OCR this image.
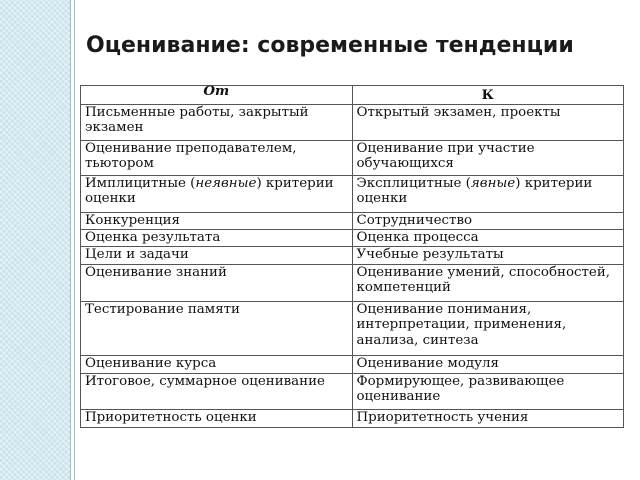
Оценивание: современные тенденции
От	К

Письменные работы, закрытый экзамен	Открытый экзамен, проекты
Оценивание преподавателем, тьютором	Оценивание при участие обучающихся
Имплицитные (неявные) критерии оценки	Эксплицитные (явные) критерии оценки
Конкуренция	Сотрудничество
Оценка результата	Оценка процесса
Цели и задачи	Учебные результаты
Оценивание знаний	Оценивание умений, способностей, компетенций
Тестирование памяти	Оценивание понимания, интерпретации, применения, анализа, синтеза
Оценивание курса	Оценивание модуля
Итоговое, суммарное оценивание	Формирующее, развивающее оценивание
Приоритетность оценки	Приоритетность учения
